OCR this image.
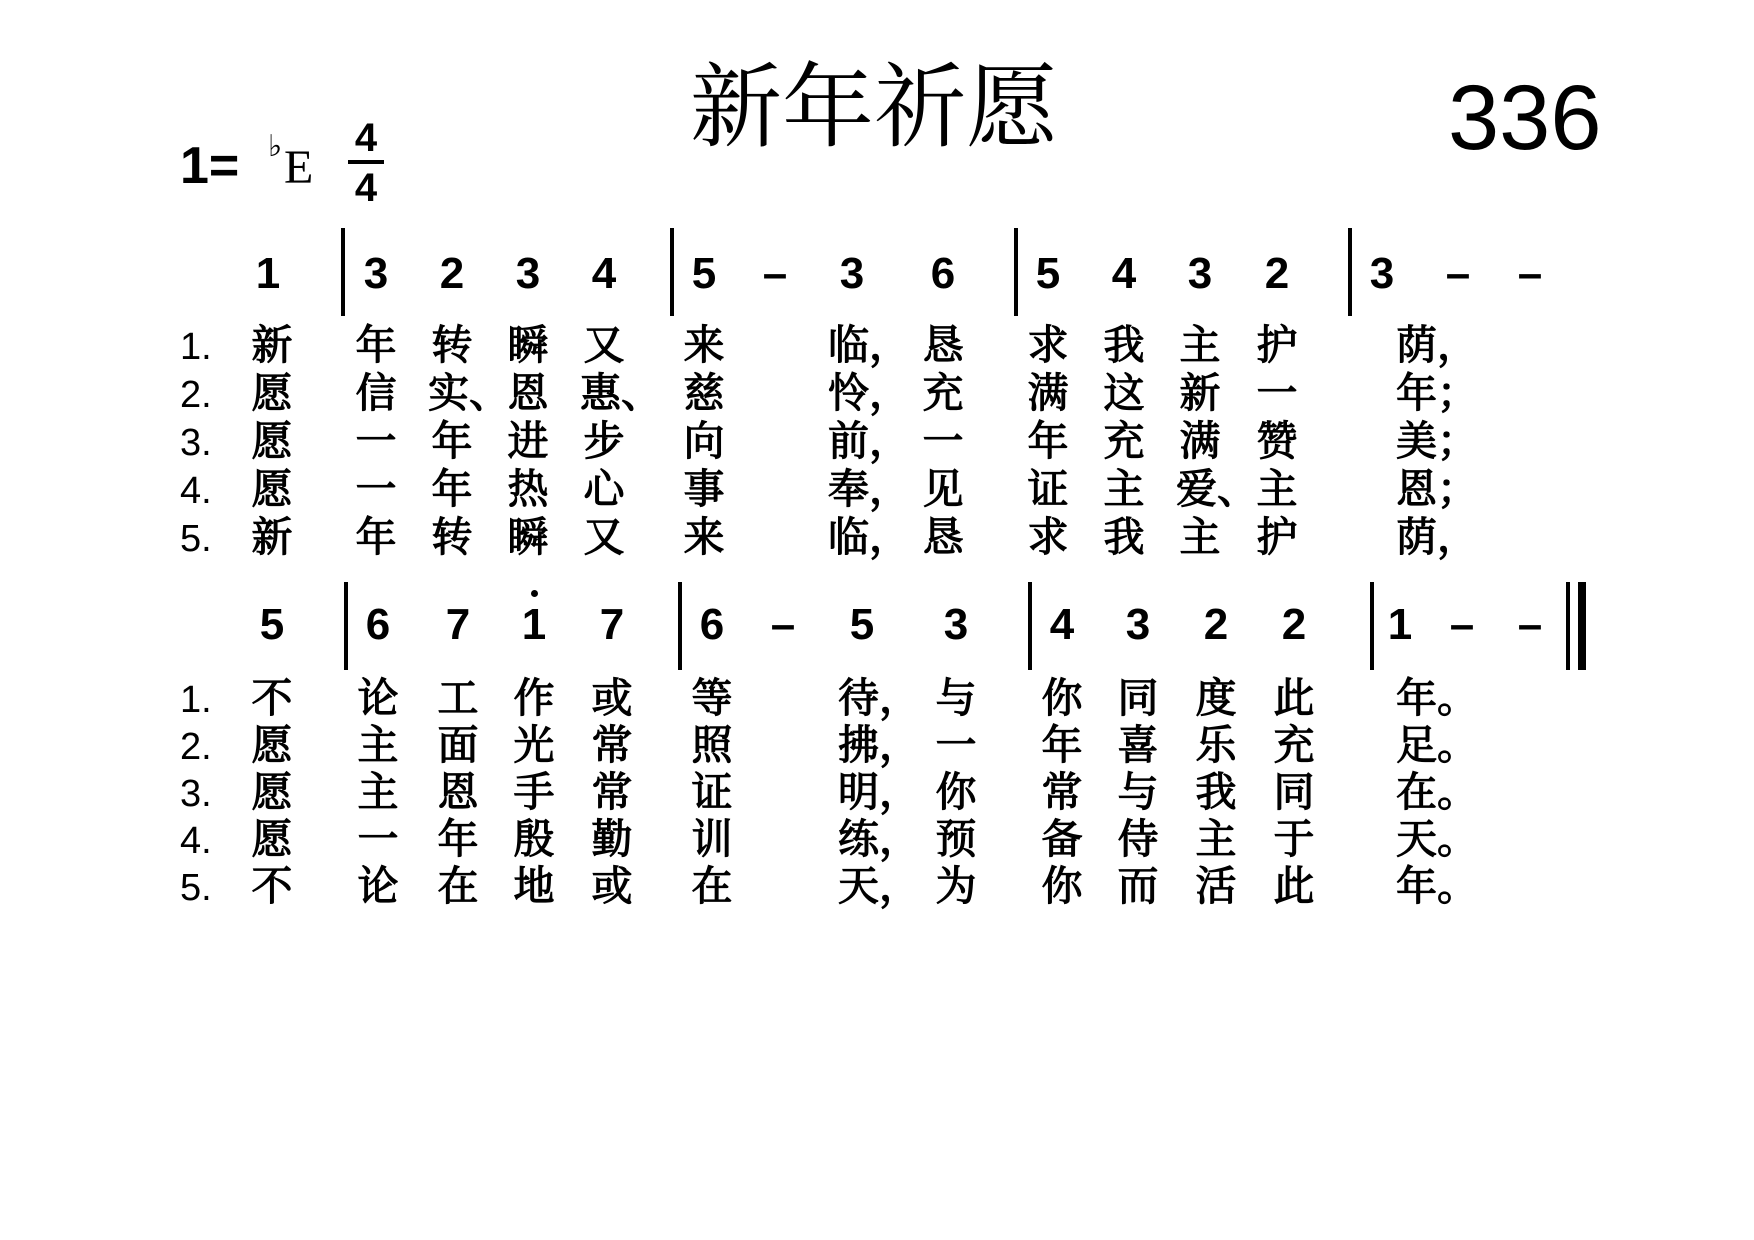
新年祈愿	336
1= ♭ E
4
4
1 3 2 3 4 5 – 3 6 5 4 3 2 3 – –
1. 新 年 转 瞬 又 来	临， 恳 求 我 主 护 荫，
2. 愿 信 实、
恩 惠、 慈	怜， 充 满 这 新 一 年；
3. 愿 一 年 进 步 向	前， 一 年 充 满 赞 美；
4. 愿 一 年 热 心 事	奉， 见 证 主 爱、
主 恩；
5. 新 年 转 瞬 又 来	临， 恳 求 我 主 护 荫，
5 6 7 1 7 6 – 5 3 4 3 2 2 1 – –
1. 不 论 工 作 或 等	待， 与 你 同 度 此 年。
2. 愿 主 面 光 常 照	拂， 一 年 喜 乐 充 足。
3. 愿 主 恩 手 常 证	明， 你 常 与 我 同 在。
4. 愿 一 年 殷 勤 训	练， 预 备 侍 主 于 天。
5. 不 论 在 地 或 在	天， 为 你 而 活 此 年。
